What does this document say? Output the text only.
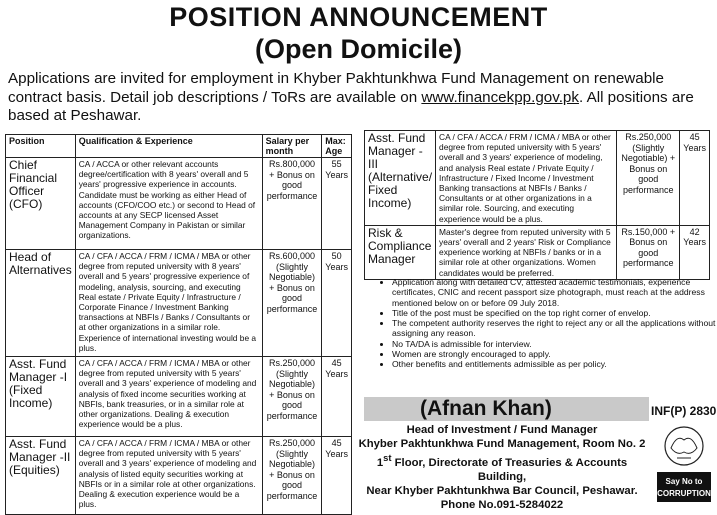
POSITION ANNOUNCEMENT
(Open Domicile)
Applications are invited for employment in Khyber Pakhtunkhwa Fund Management on renewable contract basis. Detail job descriptions / ToRs are available on www.financekpp.gov.pk. All positions are based at Peshawar.
Position	Qualification & Experience	Salary per month	Max: Age
Chief Financial Officer (CFO)	CA / ACCA or other relevant accounts degree/certification with 8 years' overall and 5 years' progressive experience in accounts. Candidate must be working as either Head of accounts (CFO/COO etc.) or second to Head of accounts at any SECP licensed Asset Management Company in Pakistan or similar organizations.	Rs.800,000 + Bonus on good performance	55 Years
Head of Alternatives	CA / CFA / ACCA / FRM / ICMA / MBA or other degree from reputed university with 8 years' overall and 5 years' progressive experience of modeling, analysis, sourcing, and executing Real estate / Private Equity / Infrastructure / Corporate Finance / Investment Banking transactions at NBFIs / Banks / Consultants or at other organizations in a similar role. Experience of international investing would be a plus.	Rs.600,000 (Slightly Negotiable) + Bonus on good performance	50 Years
Asst. Fund Manager -I (Fixed Income)	CA / CFA / ACCA / FRM / ICMA / MBA or other degree from reputed university with 5 years' overall and 3 years' experience of modeling and analysis of fixed income securities working at NBFIs, bank treasuries, or in a similar role at other organizations. Dealing & execution experience would be a plus.	Rs.250,000 (Slightly Negotiable) + Bonus on good performance	45 Years
Asst. Fund Manager -II (Equities)	CA / CFA / ACCA / FRM / ICMA / MBA or other degree from reputed university with 5 years' overall and 3 years' experience of modeling and analysis of listed equity securities working at NBFIs or in a similar role at other organizations. Dealing & execution experience would be a plus.	Rs.250,000 (Slightly Negotiable) + Bonus on good performance	45 Years
Asst. Fund Manager -III (Alternative/ Fixed Income)	CA / CFA / ACCA / FRM / ICMA / MBA or other degree from reputed university with 5 years' overall and 3 years' experience of modeling, and analysis Real estate / Private Equity / Infrastructure / Fixed Income / Investment Banking transactions at NBFIs / Banks / Consultants or at other organizations in a similar role. Sourcing, and executing experience would be a plus.	Rs.250,000 (Slightly Negotiable) + Bonus on good performance	45 Years
Risk & Compliance Manager	Master's degree from reputed university with 5 years' overall and 2 years' Risk or Compliance experience working at NBFIs / banks or in a similar role at other organizations. Women candidates would be preferred.	Rs.150,000 + Bonus on good performance	42 Years
• Application along with detailed CV, attested academic testimonials, experience certificates, CNIC and recent passport size photograph, must reach at the address mentioned below on or before 09 July 2018.
• Title of the post must be specified on the top right corner of envelop.
• The competent authority reserves the right to reject any or all the applications without assigning any reason.
• No TA/DA is admissible for interview.
• Women are strongly encouraged to apply.
• Other benefits and entitlements admissible as per policy.
(Afnan Khan)	INF(P) 2830
Head of Investment / Fund Manager
Khyber Pakhtunkhwa Fund Management, Room No. 2
1st Floor, Directorate of Treasuries & Accounts Building,
Near Khyber Pakhtunkhwa Bar Council, Peshawar.
Phone No.091-5284022
Say No to
CORRUPTION
